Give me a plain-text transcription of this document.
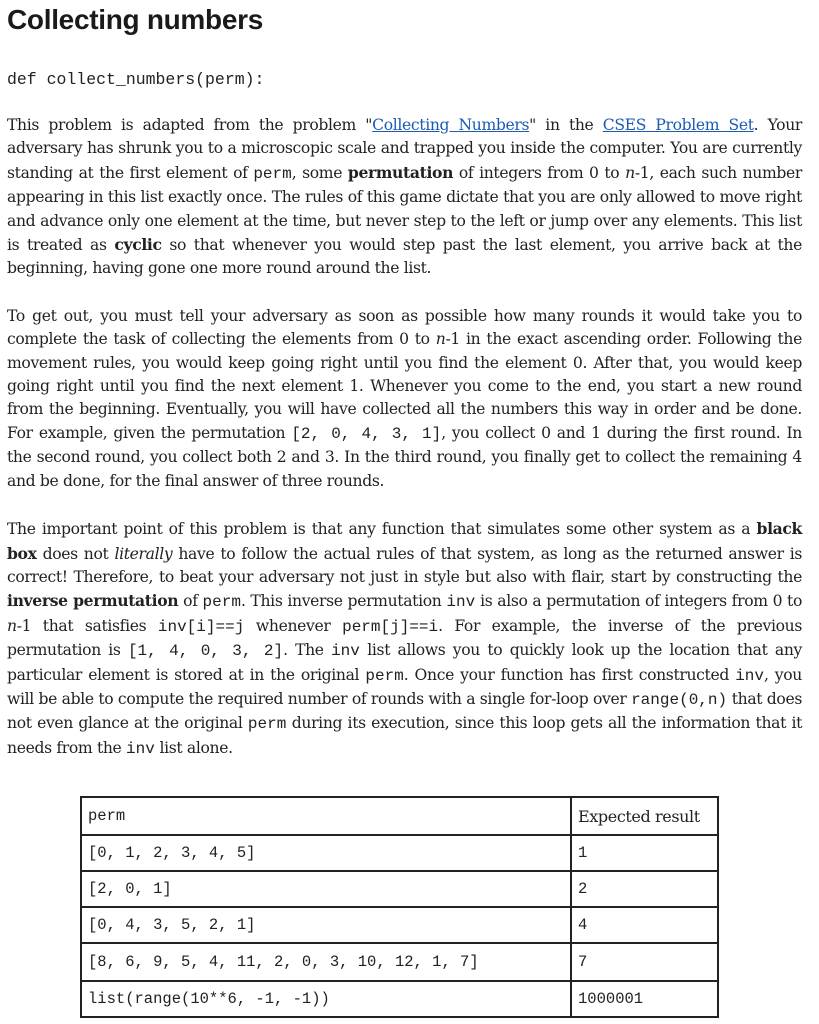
Collecting numbers
def collect_numbers(perm):

This problem is adapted from the problem "Collecting Numbers" in the CSES Problem Set. Your adversary has shrunk you to a microscopic scale and trapped you inside the computer. You are currently standing at the first element of perm, some permutation of integers from 0 to n-1, each such number appearing in this list exactly once. The rules of this game dictate that you are only allowed to move right and advance only one element at the time, but never step to the left or jump over any elements. This list is treated as cyclic so that whenever you would step past the last element, you arrive back at the beginning, having gone one more round around the list.

To get out, you must tell your adversary as soon as possible how many rounds it would take you to complete the task of collecting the elements from 0 to n-1 in the exact ascending order. Following the movement rules, you would keep going right until you find the element 0. After that, you would keep going right until you find the next element 1. Whenever you come to the end, you start a new round from the beginning. Eventually, you will have collected all the numbers this way in order and be done. For example, given the permutation [2, 0, 4, 3, 1], you collect 0 and 1 during the first round. In the second round, you collect both 2 and 3. In the third round, you finally get to collect the remaining 4 and be done, for the final answer of three rounds.

The important point of this problem is that any function that simulates some other system as a black box does not literally have to follow the actual rules of that system, as long as the returned answer is correct! Therefore, to beat your adversary not just in style but also with flair, start by constructing the inverse permutation of perm. This inverse permutation inv is also a permutation of integers from 0 to n-1 that satisfies inv[i]==j whenever perm[j]==i. For example, the inverse of the previous permutation is [1, 4, 0, 3, 2]. The inv list allows you to quickly look up the location that any particular element is stored at in the original perm. Once your function has first constructed inv, you will be able to compute the required number of rounds with a single for-loop over range(0,n) that does not even glance at the original perm during its execution, since this loop gets all the information that it needs from the inv list alone.

perm	Expected result
[0, 1, 2, 3, 4, 5]	1
[2, 0, 1]	2
[0, 4, 3, 5, 2, 1]	4
[8, 6, 9, 5, 4, 11, 2, 0, 3, 10, 12, 1, 7]	7
list(range(10**6, -1, -1))	1000001
